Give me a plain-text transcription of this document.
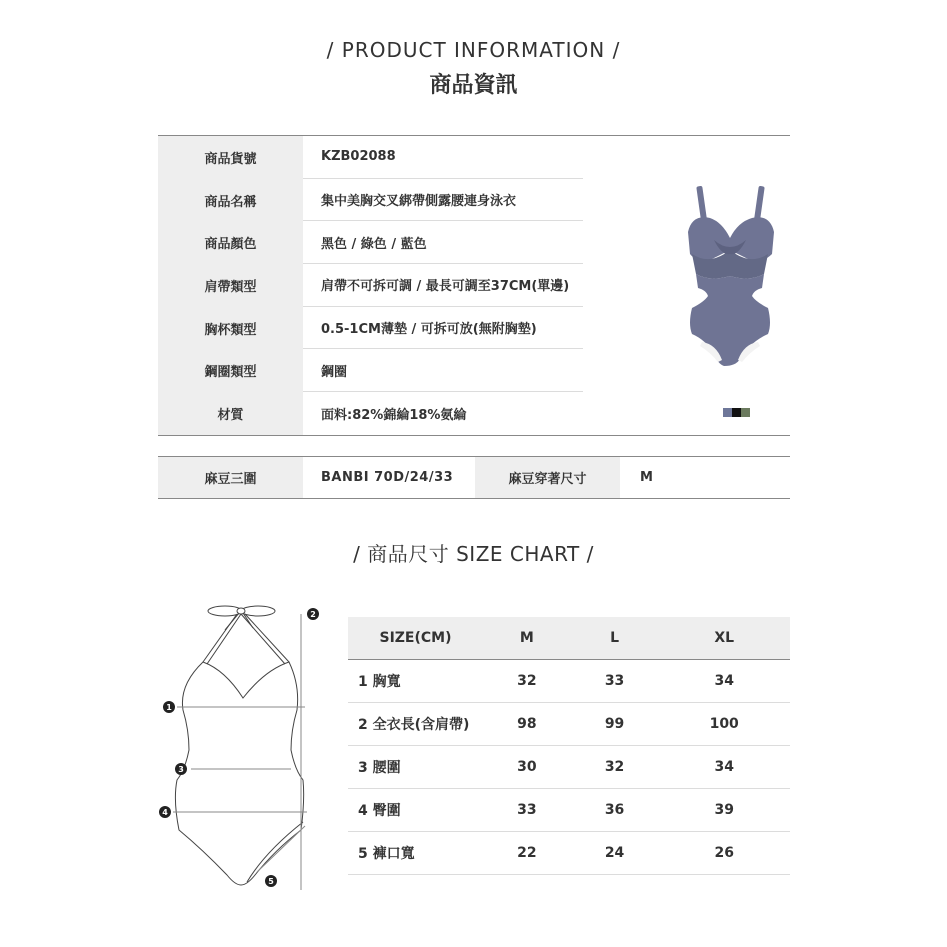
/ PRODUCT INFORMATION /
商品資訊
商品貨號	KZB02088
商品名稱	集中美胸交叉綁帶側露腰連身泳衣
商品顏色	黑色 / 綠色 / 藍色
肩帶類型	肩帶不可拆可調 / 最長可調至37CM(單邊)
胸杯類型	0.5-1CM薄墊 / 可拆可放(無附胸墊)
鋼圈類型	鋼圈
材質	面料:82%錦綸18%氨綸
麻豆三圍	BANBI 70D/24/33	麻豆穿著尺寸	M
/ 商品尺寸 SIZE CHART /
1
3
4
2
5
SIZE(CM)	M	L	XL
1 胸寬	32	33	34
2 全衣長(含肩帶)	98	99	100
3 腰圍	30	32	34
4 臀圍	33	36	39
5 褲口寬	22	24	26
